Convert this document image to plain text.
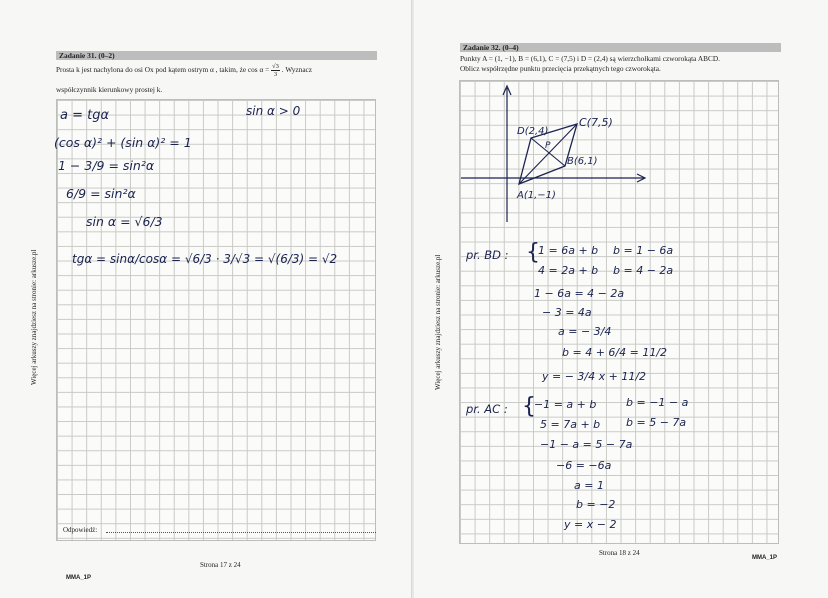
Więcej arkuszy znajdziesz na stronie: arkusze.pl
Zadanie 31. (0–2)
Prosta k jest nachylona do osi Ox pod kątem ostrym α , takim, że $\cos \alpha = \frac{√3}{3}$ . Wyznacz
współczynnik kierunkowy prostej k.
a = tgα	sin α > 0
(cos α)² + (sin α)² = 1
1 − 3/9 = sin²α
6/9 = sin²α
sin α = √6/3
tgα = sinα/cosα = √6/3 · 3/√3 = √(6/3) = √2
Odpowiedź:
Strona 17 z 24
MMA_1P
Więcej arkuszy znajdziesz na stronie: arkusze.pl
Zadanie 32. (0–4)
Punkty A = (1, −1), B = (6,1), C = (7,5) i D = (2,4) są wierzchołkami czworokąta ABCD.
Oblicz współrzędne punktu przecięcia przekątnych tego czworokąta.
Strona 18 z 24
MMA_1P
D(2,4)
C(7,5)
B(6,1)
A(1,−1)
P
pr. BD : {
1 = 6a + b b = 1 − 6a
4 = 2a + b b = 4 − 2a
1 − 6a = 4 − 2a
− 3 = 4a
a = − 3/4
b = 4 + 6/4 = 11/2
y = − 3/4 x + 11/2
pr. AC : {
−1 = a + b	b = −1 − a
5 = 7a + b b = 5 − 7a
−1 − a = 5 − 7a
−6 = −6a
a = 1
b = −2
y = x − 2
